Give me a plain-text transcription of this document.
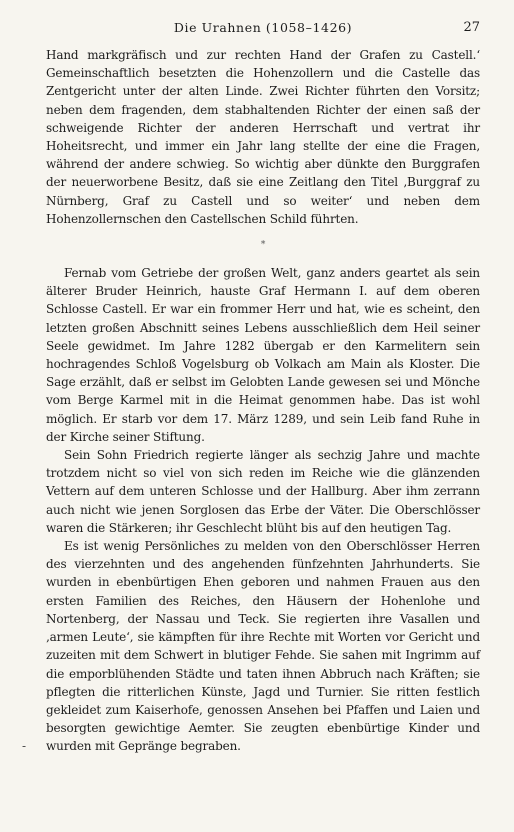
Die Urahnen (1058–1426)	27

Hand markgräfisch und zur rechten Hand der Grafen zu Castell.‘ Gemeinschaftlich besetzten die Hohenzollern und die Castelle das Zentgericht unter der alten Linde. Zwei Richter führten den Vorsitz; neben dem fragenden, dem stabhaltenden Richter der einen saß der schweigende Richter der anderen Herrschaft und vertrat ihr Hoheitsrecht, und immer ein Jahr lang stellte der eine die Fragen, während der andere schwieg. So wichtig aber dünkte den Burggrafen der neuerworbene Besitz, daß sie eine Zeitlang den Titel ‚Burggraf zu Nürnberg, Graf zu Castell und so weiter‘ und neben dem Hohenzollernschen den Castellschen Schild führten.

*

Fernab vom Getriebe der großen Welt, ganz anders geartet als sein älterer Bruder Heinrich, hauste Graf Hermann I. auf dem oberen Schlosse Castell. Er war ein frommer Herr und hat, wie es scheint, den letzten großen Abschnitt seines Lebens ausschließlich dem Heil seiner Seele gewidmet. Im Jahre 1282 übergab er den Karmelitern sein hochragendes Schloß Vogelsburg ob Volkach am Main als Kloster. Die Sage erzählt, daß er selbst im Gelobten Lande gewesen sei und Mönche vom Berge Karmel mit in die Heimat genommen habe. Das ist wohl möglich. Er starb vor dem 17. März 1289, und sein Leib fand Ruhe in der Kirche seiner Stiftung.

Sein Sohn Friedrich regierte länger als sechzig Jahre und machte trotzdem nicht so viel von sich reden im Reiche wie die glänzenden Vettern auf dem unteren Schlosse und der Hallburg. Aber ihm zerrann auch nicht wie jenen Sorglosen das Erbe der Väter. Die Oberschlösser waren die Stärkeren; ihr Geschlecht blüht bis auf den heutigen Tag.

Es ist wenig Persönliches zu melden von den Oberschlösser Herren des vierzehnten und des angehenden fünfzehnten Jahrhunderts. Sie wurden in ebenbürtigen Ehen geboren und nahmen Frauen aus den ersten Familien des Reiches, den Häusern der Hohenlohe und Nortenberg, der Nassau und Teck. Sie regierten ihre Vasallen und ‚armen Leute‘, sie kämpften für ihre Rechte mit Worten vor Gericht und zuzeiten mit dem Schwert in blutiger Fehde. Sie sahen mit Ingrimm auf die emporblühenden Städte und taten ihnen Abbruch nach Kräften; sie pflegten die ritterlichen Künste, Jagd und Turnier. Sie ritten festlich gekleidet zum Kaiserhofe, genossen Ansehen bei Pfaffen und Laien und besorgten gewichtige Aemter. Sie zeugten ebenbürtige Kinder und wurden mit Gepränge begraben.

-
